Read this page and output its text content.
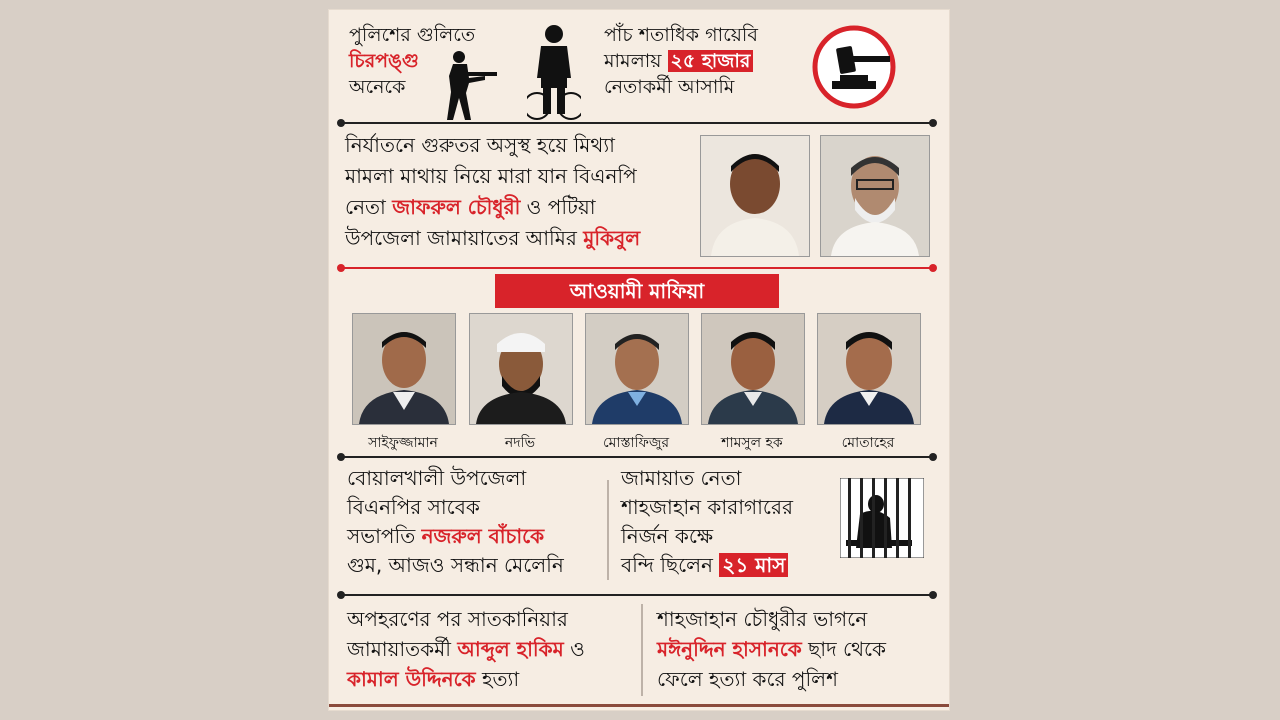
পুলিশের গুলিতে
চিরপঙ্গু
অনেকে
পাঁচ শতাধিক গায়েবি
মামলায় ২৫ হাজার
নেতাকর্মী আসামি
নির্যাতনে গুরুতর অসুস্থ হয়ে মিথ্যা
মামলা মাথায় নিয়ে মারা যান বিএনপি
নেতা জাফরুল চৌধুরী ও পটিয়া
উপজেলা জামায়াতের আমির মুকিবুল
আওয়ামী মাফিয়া
সাইফুজ্জামান	নদভি	মোস্তাফিজুর	শামসুল হক	মোতাহের
বোয়ালখালী উপজেলা
বিএনপির সাবেক
সভাপতি নজরুল বাঁচাকে
গুম, আজও সন্ধান মেলেনি
জামায়াত নেতা
শাহজাহান কারাগারের
নির্জন কক্ষে
বন্দি ছিলেন ২১ মাস
অপহরণের পর সাতকানিয়ার
জামায়াতকর্মী আব্দুল হাকিম ও
কামাল উদ্দিনকে হত্যা
শাহজাহান চৌধুরীর ভাগনে
মঈনুদ্দিন হাসানকে ছাদ থেকে
ফেলে হত্যা করে পুলিশ
